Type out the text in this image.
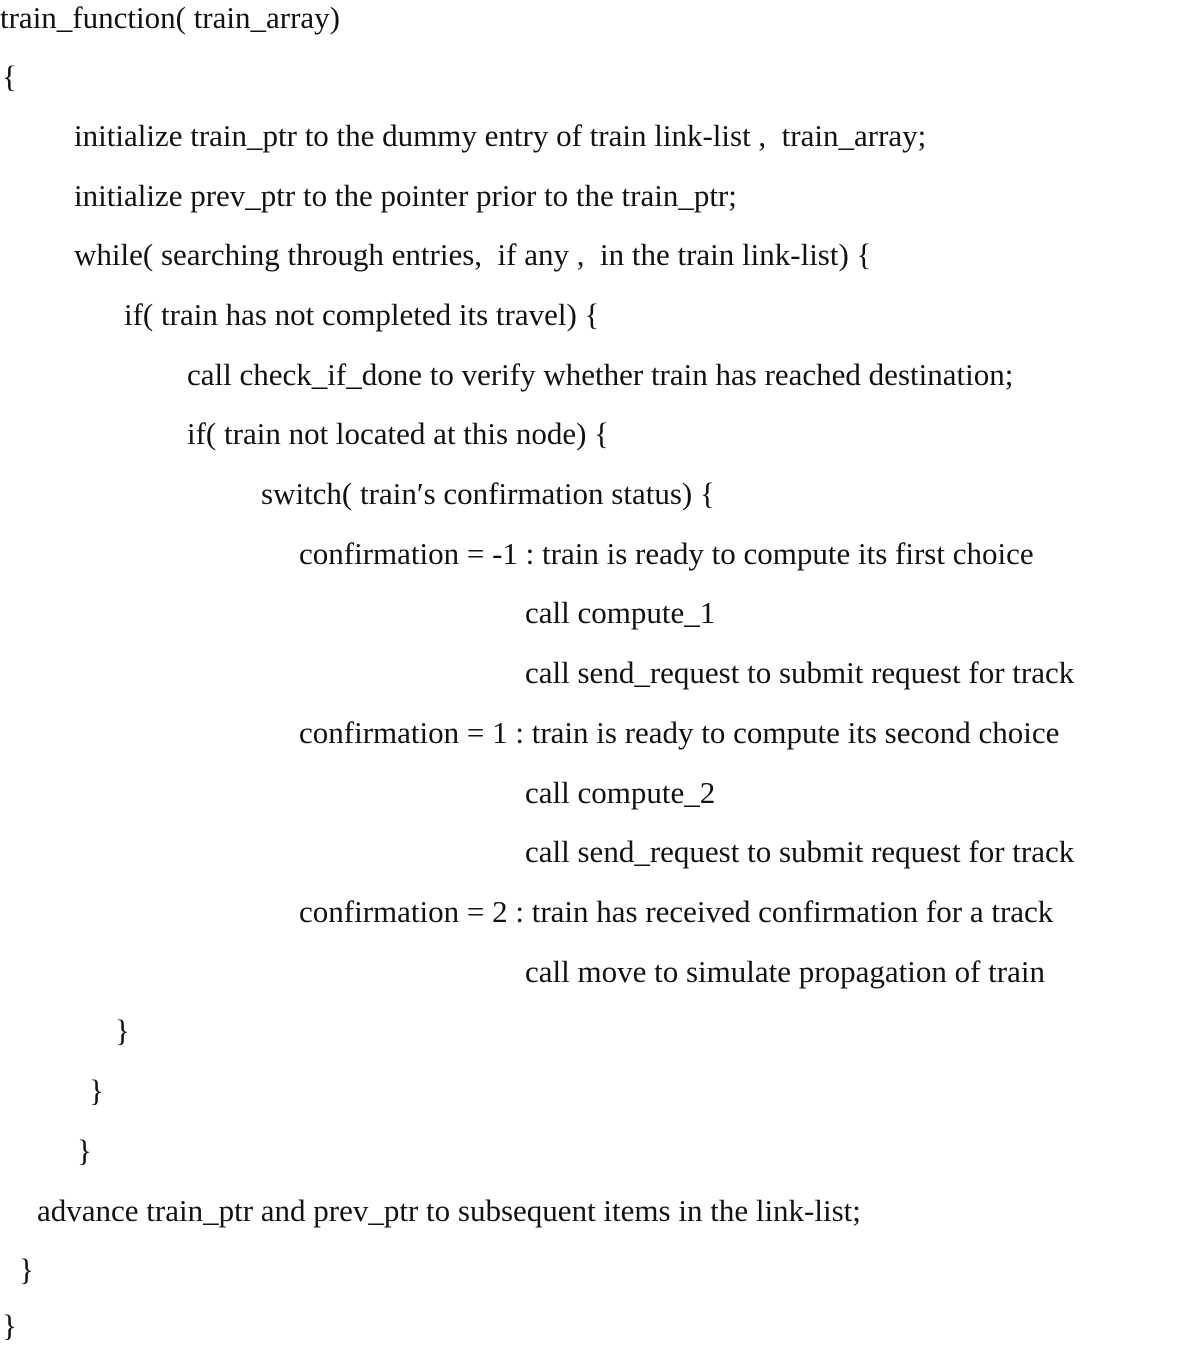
train_function( train_array)
{
initialize train_ptr to the dummy entry of train link-list ,  train_array;
initialize prev_ptr to the pointer prior to the train_ptr;
while( searching through entries,  if any ,  in the train link-list) {
if( train has not completed its travel) {
call check_if_done to verify whether train has reached destination;
if( train not located at this node) {
switch( train′s confirmation status) {
confirmation = -1 : train is ready to compute its first choice
call compute_1
call send_request to submit request for track
confirmation = 1 : train is ready to compute its second choice
call compute_2
call send_request to submit request for track
confirmation = 2 : train has received confirmation for a track
call move to simulate propagation of train
}
}
}
advance train_ptr and prev_ptr to subsequent items in the link-list;
}
}
